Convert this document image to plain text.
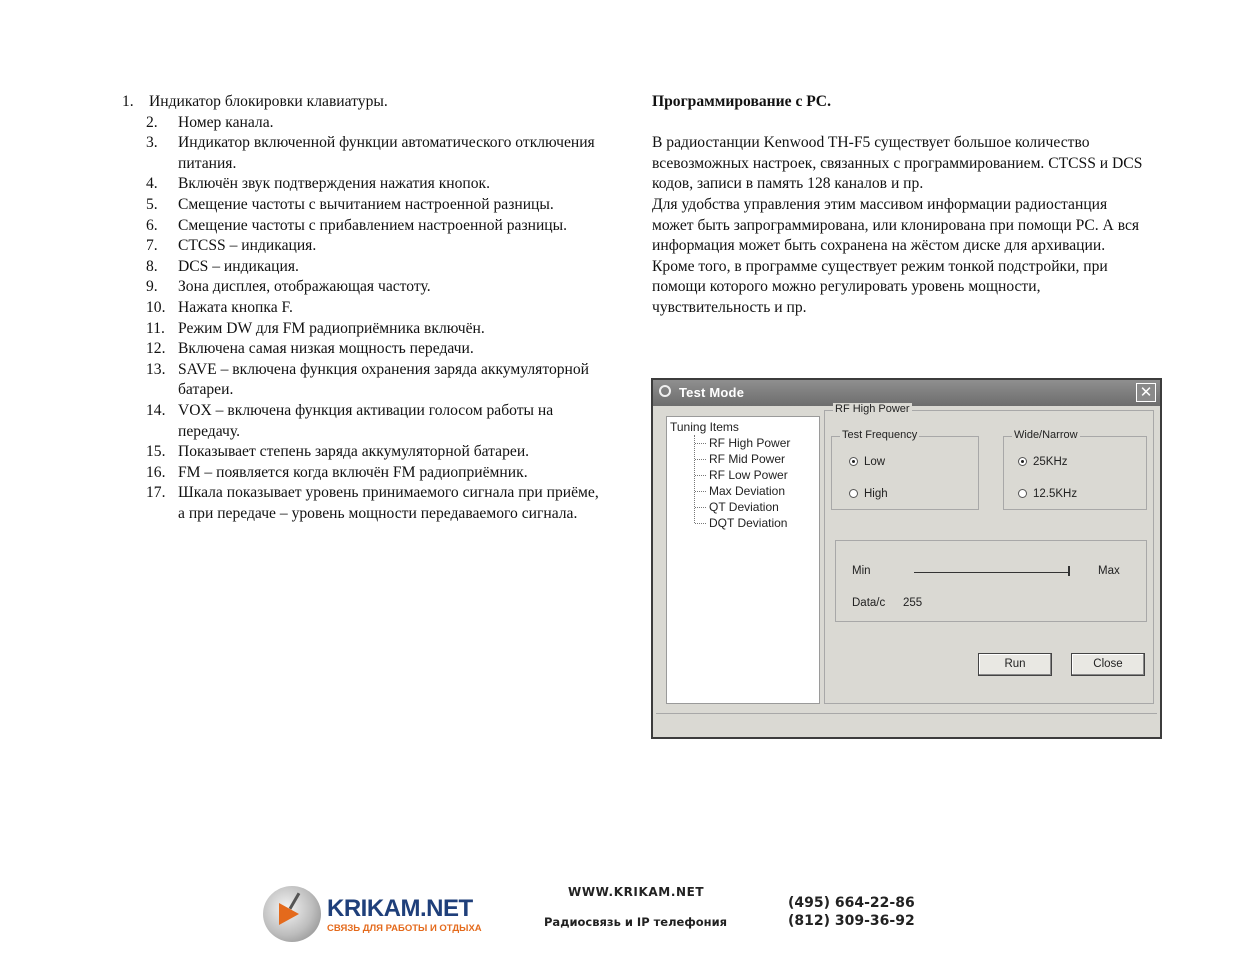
1. Индикатор блокировки клавиатуры.
2. Номер канала.
3. Индикатор включенной функции автоматического отключения питания.
4. Включён звук подтверждения нажатия кнопок.
5. Смещение частоты с вычитанием настроенной разницы.
6. Смещение частоты с прибавлением настроенной разницы.
7. CTCSS – индикация.
8. DCS – индикация.
9. Зона дисплея, отображающая частоту.
10. Нажата кнопка F.
11. Режим DW для FM радиоприёмника включён.
12. Включена самая низкая мощность передачи.
13. SAVE – включена функция охранения заряда аккумуляторной батареи.
14. VOX – включена функция активации голосом работы на передачу.
15. Показывает степень заряда аккумуляторной батареи.
16. FM – появляется когда включён FM радиоприёмник.
17. Шкала показывает уровень принимаемого сигнала при приёме, а при передаче – уровень мощности передаваемого сигнала.
Программирование с PC.

В радиостанции Kenwood TH-F5 существует большое количество всевозможных настроек, связанных с программированием. CTCSS и DCS кодов, записи в память 128 каналов и пр.

Для удобства управления этим массивом информации радиостанция может быть запрограммирована, или клонирована при помощи PC. А вся информация может быть сохранена на жёстом диске для архивации.

Кроме того, в программе существует режим тонкой подстройки, при помощи которого можно регулировать уровень мощности, чувствительность и пр.

Test Mode	✕
Tuning Items
RF High Power
RF Mid Power
RF Low Power
Max Deviation
QT Deviation
DQT Deviation
RF High Power
Test Frequency
Low
High
Wide/Narrow
25KHz
12.5KHz
Min	Max
Data/c 255
Run	Close
KRIKAM.NET
СВЯЗЬ ДЛЯ РАБОТЫ И ОТДЫХА
WWW.KRIKAM.NET
Радиосвязь и IP телефония
(495) 664-22-86
(812) 309-36-92
